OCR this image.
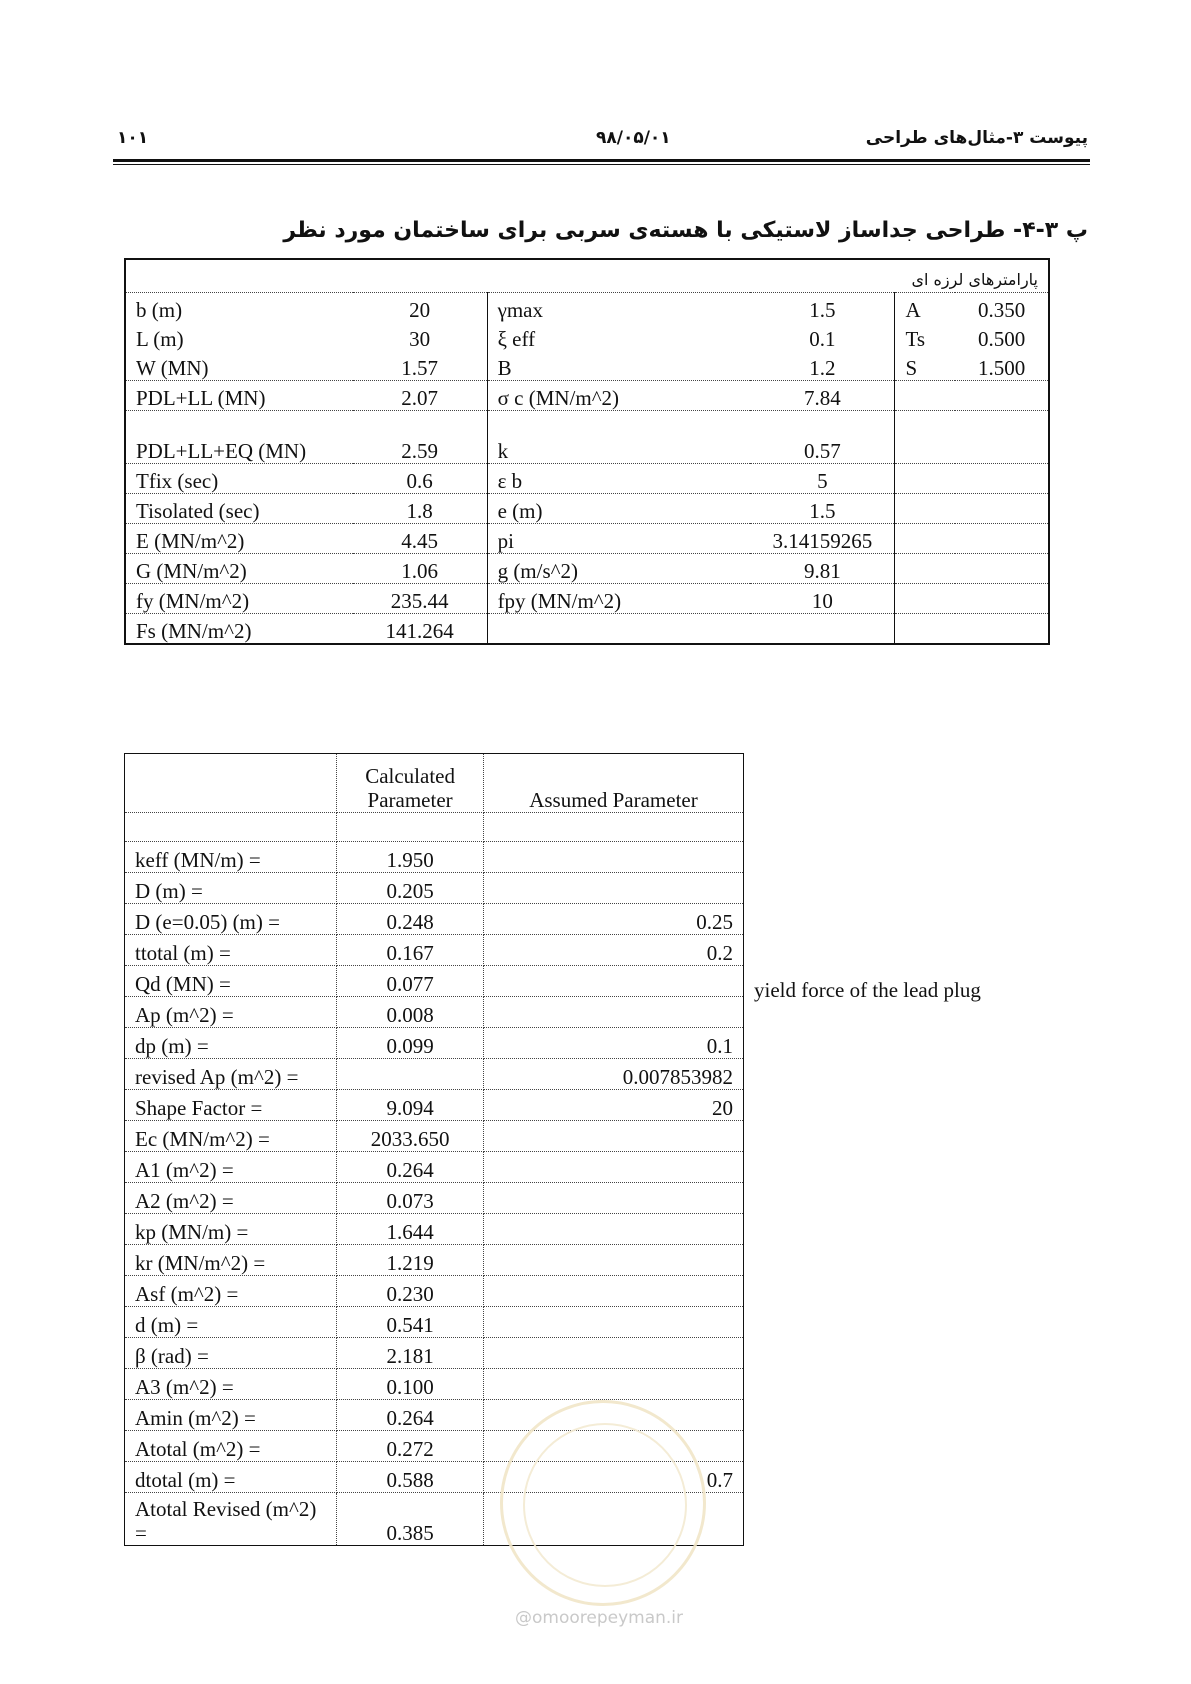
۱۰۱	۹۸/۰۵/۰۱	پیوست ۳-مثال‌های طراحی
پ ۳-۴- طراحی جداساز لاستیکی با هسته‌ی سربی برای ساختمان مورد نظر
پارامترهای لرزه ای					
b (m)	20	γmax	1.5	A	0.350
L (m)	30	ξ eff	0.1	Ts	0.500
W (MN)	1.57	B	1.2	S	1.500
PDL+LL (MN)	2.07	σ c (MN/m^2)	7.84		
PDL+LL+EQ (MN)	2.59	k	0.57		
Tfix (sec)	0.6	ε b	5		
Tisolated (sec)	1.8	e (m)	1.5		
E (MN/m^2)	4.45	pi	3.14159265		
G (MN/m^2)	1.06	g (m/s^2)	9.81		
fy (MN/m^2)	235.44	fpy (MN/m^2)	10		
Fs (MN/m^2)	141.264				
	Calculated Parameter	Assumed Parameter

keff (MN/m) =	1.950	
D (m) =	0.205	
D (e=0.05) (m) =	0.248	0.25
ttotal (m) =	0.167	0.2
Qd (MN) =	0.077	
Ap (m^2) =	0.008	
dp (m) =	0.099	0.1
revised Ap (m^2) =		0.007853982
Shape Factor =	9.094	20
Ec (MN/m^2) =	2033.650	
A1 (m^2) =	0.264	
A2 (m^2) =	0.073	
kp (MN/m) =	1.644	
kr (MN/m^2) =	1.219	
Asf (m^2) =	0.230	
d (m) =	0.541	
β (rad) =	2.181	
A3 (m^2) =	0.100	
Amin (m^2) =	0.264	
Atotal (m^2) =	0.272	
dtotal (m) =	0.588	0.7
Atotal Revised (m^2) =	0.385	
yield force of the lead plug
@omoorepeyman.ir
